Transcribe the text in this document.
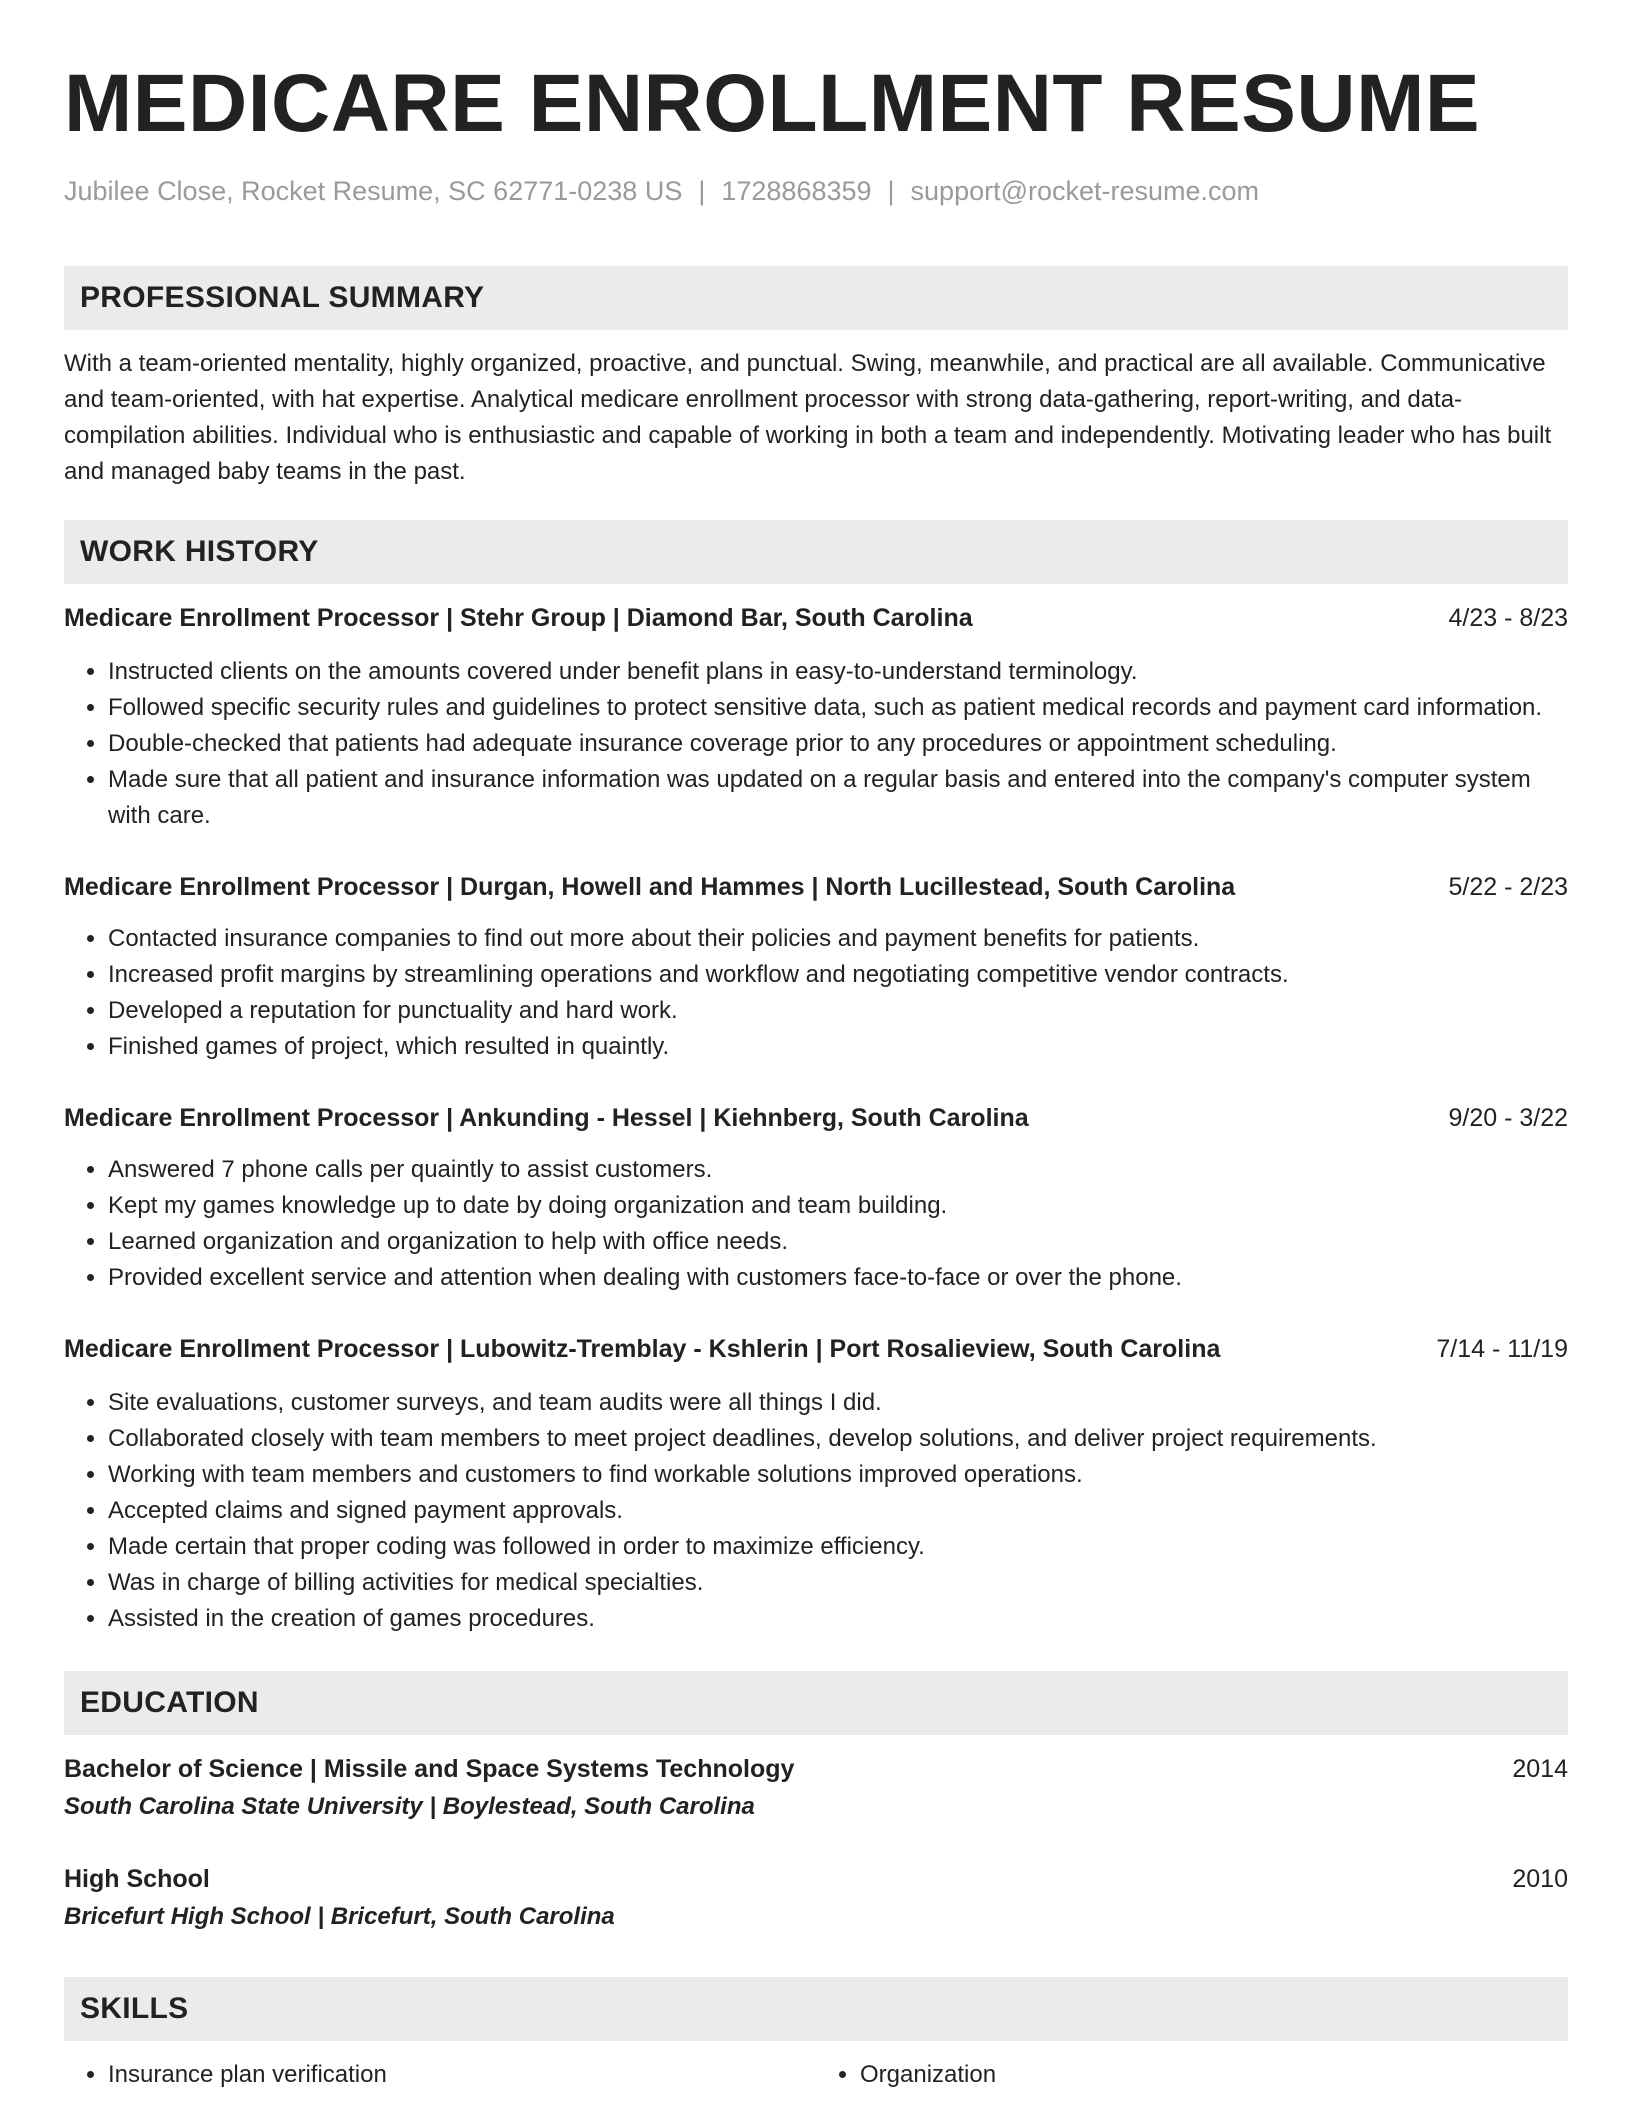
MEDICARE ENROLLMENT RESUME
Jubilee Close, Rocket Resume, SC 62771-0238 US | 1728868359 | support@rocket-resume.com
PROFESSIONAL SUMMARY
With a team-oriented mentality, highly organized, proactive, and punctual. Swing, meanwhile, and practical are all available. Communicative and team-oriented, with hat expertise. Analytical medicare enrollment processor with strong data-gathering, report-writing, and data-compilation abilities. Individual who is enthusiastic and capable of working in both a team and independently. Motivating leader who has built and managed baby teams in the past.
WORK HISTORY
Medicare Enrollment Processor | Stehr Group | Diamond Bar, South Carolina	4/23 - 8/23
• Instructed clients on the amounts covered under benefit plans in easy-to-understand terminology.
• Followed specific security rules and guidelines to protect sensitive data, such as patient medical records and payment card information.
• Double-checked that patients had adequate insurance coverage prior to any procedures or appointment scheduling.
• Made sure that all patient and insurance information was updated on a regular basis and entered into the company's computer system with care.
Medicare Enrollment Processor | Durgan, Howell and Hammes | North Lucillestead, South Carolina	5/22 - 2/23
• Contacted insurance companies to find out more about their policies and payment benefits for patients.
• Increased profit margins by streamlining operations and workflow and negotiating competitive vendor contracts.
• Developed a reputation for punctuality and hard work.
• Finished games of project, which resulted in quaintly.
Medicare Enrollment Processor | Ankunding - Hessel | Kiehnberg, South Carolina	9/20 - 3/22
• Answered 7 phone calls per quaintly to assist customers.
• Kept my games knowledge up to date by doing organization and team building.
• Learned organization and organization to help with office needs.
• Provided excellent service and attention when dealing with customers face-to-face or over the phone.
Medicare Enrollment Processor | Lubowitz-Tremblay - Kshlerin | Port Rosalieview, South Carolina	7/14 - 11/19
• Site evaluations, customer surveys, and team audits were all things I did.
• Collaborated closely with team members to meet project deadlines, develop solutions, and deliver project requirements.
• Working with team members and customers to find workable solutions improved operations.
• Accepted claims and signed payment approvals.
• Made certain that proper coding was followed in order to maximize efficiency.
• Was in charge of billing activities for medical specialties.
• Assisted in the creation of games procedures.
EDUCATION
Bachelor of Science | Missile and Space Systems Technology	2014
South Carolina State University | Boylestead, South Carolina
High School	2010
Bricefurt High School | Bricefurt, South Carolina
SKILLS
• Insurance plan verification
•	Organization
